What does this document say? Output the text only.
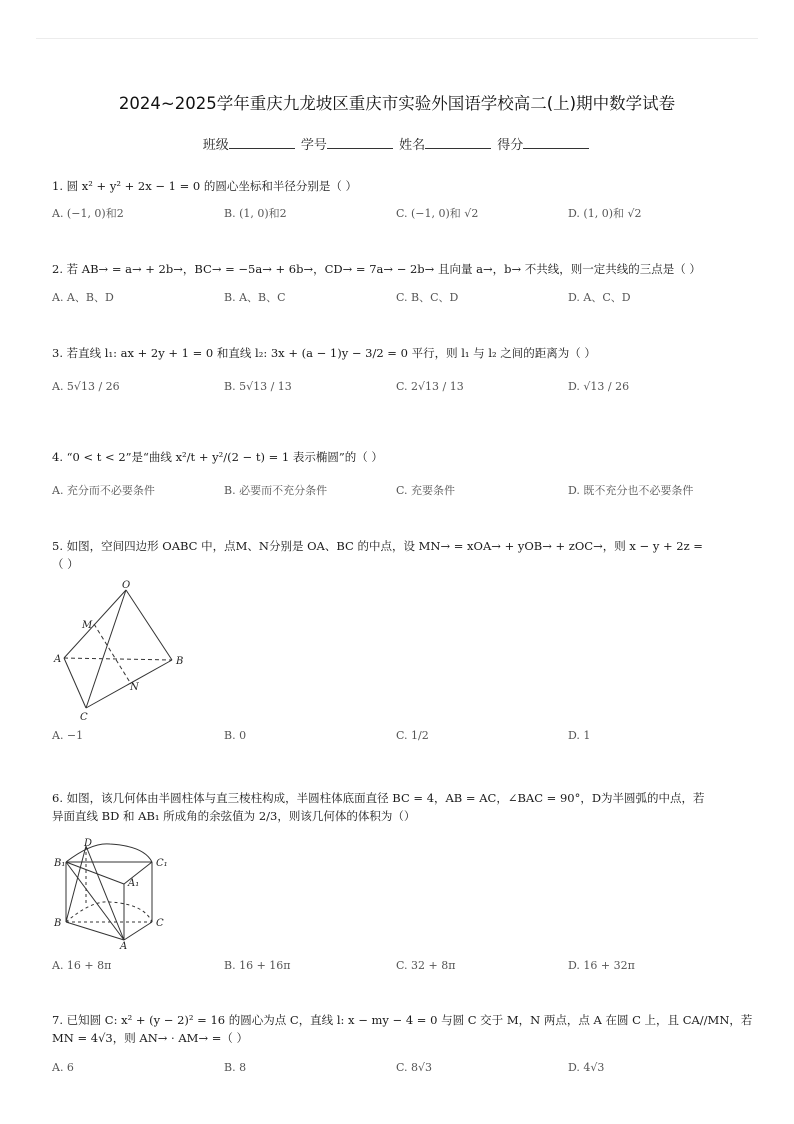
2024~2025学年重庆九龙坡区重庆市实验外国语学校高二(上)期中数学试卷
班级	学号	姓名	得分
1. 圆 x² + y² + 2x − 1 = 0 的圆心坐标和半径分别是（ ）
A. (−1, 0)和2	B. (1, 0)和2	C. (−1, 0)和 √2	D. (1, 0)和 √2
2. 若 AB→ = a→ + 2b→，BC→ = −5a→ + 6b→，CD→ = 7a→ − 2b→ 且向量 a→，b→ 不共线，则一定共线的三点是（ ）
A. A、B、D	B. A、B、C	C. B、C、D	D. A、C、D
3. 若直线 l₁: ax + 2y + 1 = 0 和直线 l₂: 3x + (a − 1)y − 3/2 = 0 平行，则 l₁ 与 l₂ 之间的距离为（ ）
A. 5√13 / 26	B. 5√13 / 13	C. 2√13 / 13	D. √13 / 26
4. “0 < t < 2”是“曲线 x²/t + y²/(2 − t) = 1 表示椭圆”的（ ）
A. 充分而不必要条件	B. 必要而不充分条件	C. 充要条件	D. 既不充分也不必要条件
5. 如图，空间四边形 OABC 中，点M、N分别是 OA、BC 的中点，设 MN→ = xOA→ + yOB→ + zOC→，则 x − y + 2z =
（ ）
O
M
A	B
N
C
A. −1	B. 0	C. 1/2	D. 1
6. 如图，该几何体由半圆柱体与直三棱柱构成，半圆柱体底面直径 BC = 4，AB = AC，∠BAC = 90°，D为半圆弧的中点，若
异面直线 BD 和 AB₁ 所成角的余弦值为 2/3，则该几何体的体积为（）
B₁
D
C₁
A₁
B	C
A
A. 16 + 8π	B. 16 + 16π	C. 32 + 8π	D. 16 + 32π
7. 已知圆 C: x² + (y − 2)² = 16 的圆心为点 C，直线 l: x − my − 4 = 0 与圆 C 交于 M，N 两点，点 A 在圆 C 上，且 CA//MN，若
MN = 4√3，则 AN→ · AM→ =（ ）
A. 6	B. 8	C. 8√3	D. 4√3
